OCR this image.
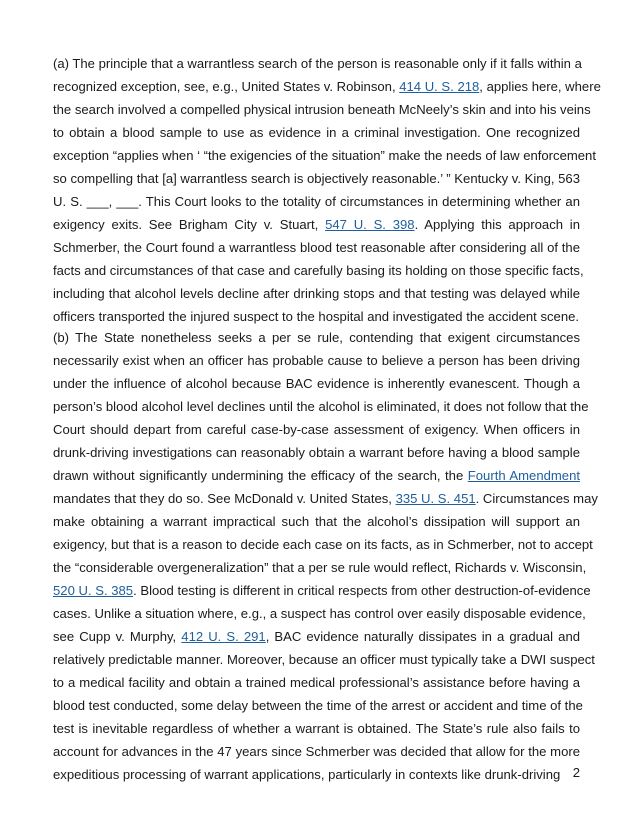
(a) The principle that a warrantless search of the person is reasonable only if it falls within a
recognized exception, see, e.g., United States v. Robinson, 414 U. S. 218, applies here, where
the search involved a compelled physical intrusion beneath McNeely’s skin and into his veins
to obtain a blood sample to use as evidence in a criminal investigation. One recognized
exception “applies when ‘ “the exigencies of the situation” make the needs of law enforcement
so compelling that [a] warrantless search is objectively reasonable.’ ” Kentucky v. King, 563
U. S. ___, ___. This Court looks to the totality of circumstances in determining whether an
exigency exits. See Brigham City v. Stuart, 547 U. S. 398. Applying this approach in
Schmerber, the Court found a warrantless blood test reasonable after considering all of the
facts and circumstances of that case and carefully basing its holding on those specific facts,
including that alcohol levels decline after drinking stops and that testing was delayed while
officers transported the injured suspect to the hospital and investigated the accident scene.
(b) The State nonetheless seeks a per se rule, contending that exigent circumstances
necessarily exist when an officer has probable cause to believe a person has been driving
under the influence of alcohol because BAC evidence is inherently evanescent. Though a
person’s blood alcohol level declines until the alcohol is eliminated, it does not follow that the
Court should depart from careful case-by-case assessment of exigency. When officers in
drunk-driving investigations can reasonably obtain a warrant before having a blood sample
drawn without significantly undermining the efficacy of the search, the Fourth Amendment
mandates that they do so. See McDonald v. United States, 335 U. S. 451. Circumstances may
make obtaining a warrant impractical such that the alcohol’s dissipation will support an
exigency, but that is a reason to decide each case on its facts, as in Schmerber, not to accept
the “considerable overgeneralization” that a per se rule would reflect, Richards v. Wisconsin,
520 U. S. 385. Blood testing is different in critical respects from other destruction-of-evidence
cases. Unlike a situation where, e.g., a suspect has control over easily disposable evidence,
see Cupp v. Murphy, 412 U. S. 291, BAC evidence naturally dissipates in a gradual and
relatively predictable manner. Moreover, because an officer must typically take a DWI suspect
to a medical facility and obtain a trained medical professional’s assistance before having a
blood test conducted, some delay between the time of the arrest or accident and time of the
test is inevitable regardless of whether a warrant is obtained. The State’s rule also fails to
account for advances in the 47 years since Schmerber was decided that allow for the more
expeditious processing of warrant applications, particularly in contexts like drunk-driving 2
